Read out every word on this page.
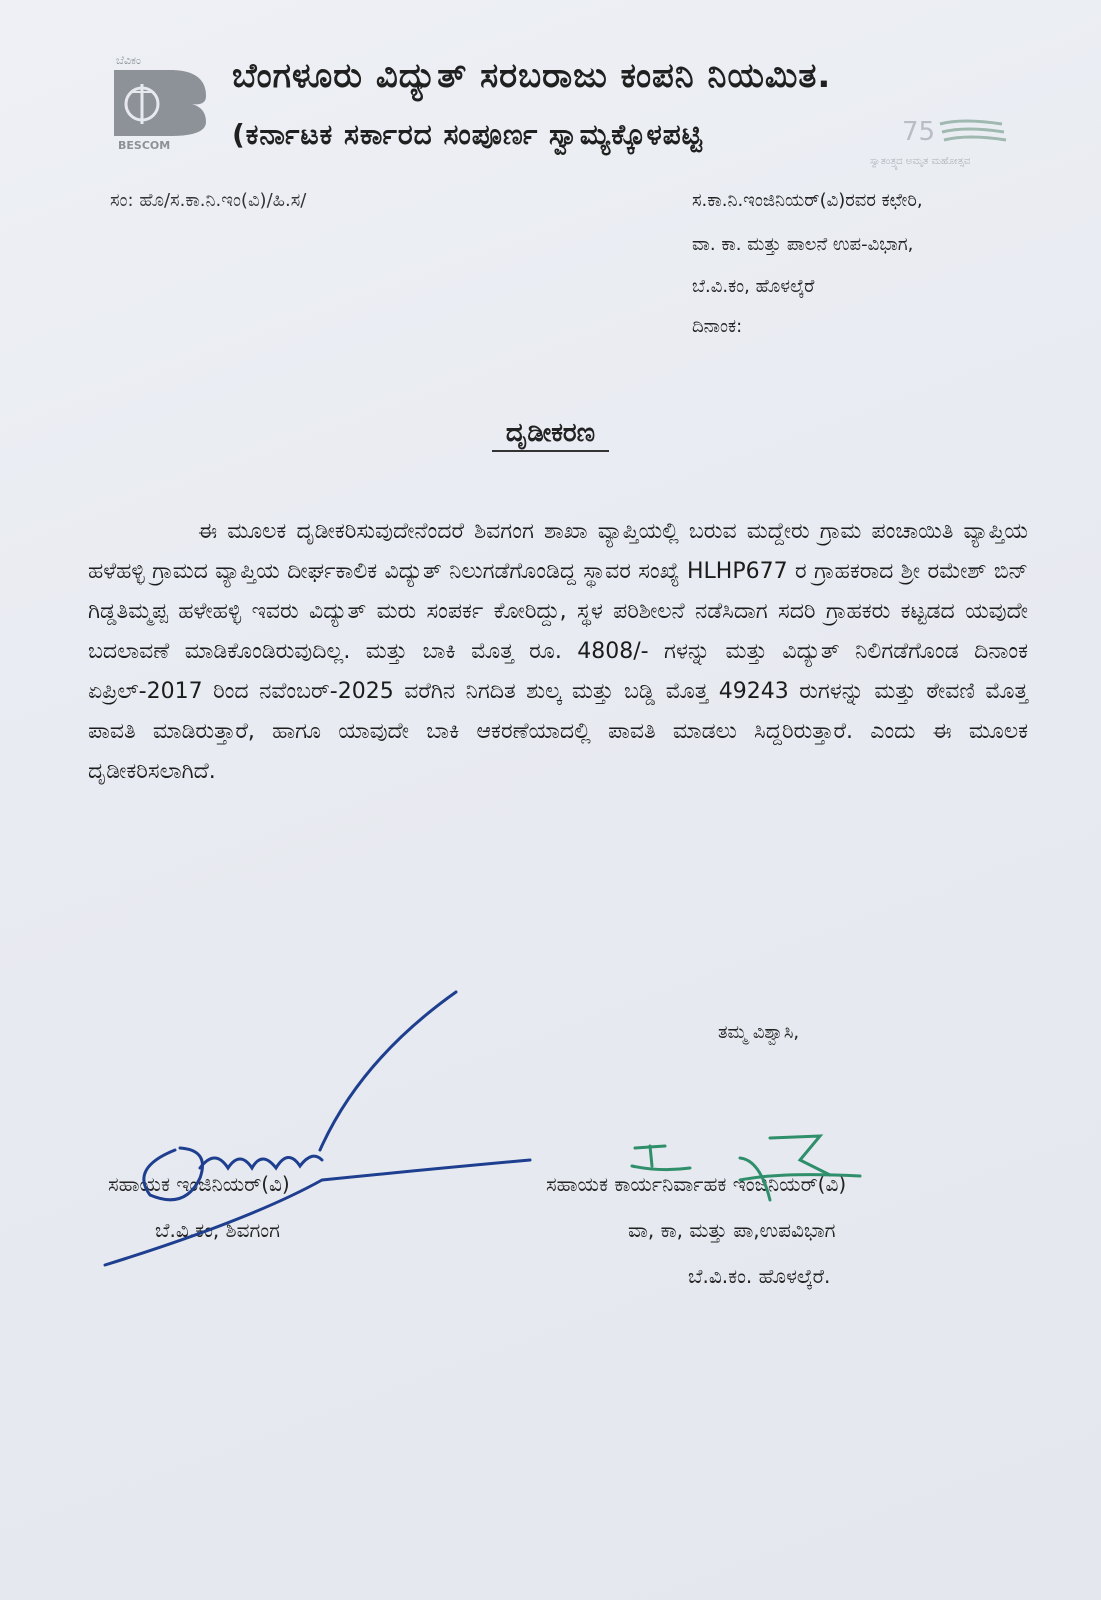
ಬೆವಿಕಂ
BESCOM
ಬೆಂಗಳೂರು ವಿದ್ಯುತ್ ಸರಬರಾಜು ಕಂಪನಿ ನಿಯಮಿತ.
(ಕರ್ನಾಟಕ ಸರ್ಕಾರದ ಸಂಪೂರ್ಣ ಸ್ವಾಮ್ಯಕ್ಕೊಳಪಟ್ಟಿ	75
ಸ್ವಾತಂತ್ರ್ಯದ ಅಮೃತ ಮಹೋತ್ಸವ
ಸಂ: ಹೊ/ಸ.ಕಾ.ನಿ.ಇಂ(ವಿ)/ಹಿ.ಸ/	ಸ.ಕಾ.ನಿ.ಇಂಜಿನಿಯರ್(ವಿ)ರವರ ಕಛೇರಿ,
ವಾ. ಕಾ. ಮತ್ತು ಪಾಲನೆ ಉಪ-ವಿಭಾಗ,
ಬೆ.ವಿ.ಕಂ, ಹೊಳಲ್ಕೆರೆ
ದಿನಾಂಕ:
ದೃಡೀಕರಣ
ಈ ಮೂಲಕ ದೃಡೀಕರಿಸುವುದೇನೆಂದರೆ ಶಿವಗಂಗ ಶಾಖಾ ವ್ಯಾಪ್ತಿಯಲ್ಲಿ ಬರುವ ಮದ್ದೇರು ಗ್ರಾಮ ಪಂಚಾಯಿತಿ ವ್ಯಾಪ್ತಿಯ ಹಳೆಹಳ್ಳಿ ಗ್ರಾಮದ ವ್ಯಾಪ್ತಿಯ ದೀರ್ಘಕಾಲಿಕ ವಿದ್ಯುತ್ ನಿಲುಗಡೆಗೊಂಡಿದ್ದ ಸ್ಥಾವರ ಸಂಖ್ಯೆ HLHP677 ರ ಗ್ರಾಹಕರಾದ ಶ್ರೀ ರಮೇಶ್ ಬಿನ್ ಗಿಡ್ಡತಿಮ್ಮಪ್ಪ ಹಳೇಹಳ್ಳಿ ಇವರು ವಿದ್ಯುತ್ ಮರು ಸಂಪರ್ಕ ಕೋರಿದ್ದು, ಸ್ಥಳ ಪರಿಶೀಲನೆ ನಡೆಸಿದಾಗ ಸದರಿ ಗ್ರಾಹಕರು ಕಟ್ಟಡದ ಯವುದೇ ಬದಲಾವಣೆ ಮಾಡಿಕೊಂಡಿರುವುದಿಲ್ಲ. ಮತ್ತು ಬಾಕಿ ಮೊತ್ತ ರೂ. 4808/- ಗಳನ್ನು ಮತ್ತು ವಿದ್ಯುತ್ ನಿಲಿಗಡೆಗೊಂಡ ದಿನಾಂಕ ಏಪ್ರಿಲ್-2017 ರಿಂದ ನವೆಂಬರ್-2025 ವರೆಗಿನ ನಿಗದಿತ ಶುಲ್ಕ ಮತ್ತು ಬಡ್ಡಿ ಮೊತ್ತ 49243 ರುಗಳನ್ನು ಮತ್ತು ಠೇವಣಿ ಮೊತ್ತ ಪಾವತಿ ಮಾಡಿರುತ್ತಾರೆ, ಹಾಗೂ ಯಾವುದೇ ಬಾಕಿ ಆಕರಣೆಯಾದಲ್ಲಿ ಪಾವತಿ ಮಾಡಲು ಸಿದ್ದರಿರುತ್ತಾರೆ. ಎಂದು ಈ ಮೂಲಕ ದೃಡೀಕರಿಸಲಾಗಿದೆ.
ತಮ್ಮ ವಿಶ್ವಾಸಿ,
ಸಹಾಯಕ ಇಂಜಿನಿಯರ್(ವಿ)
ಬೆ.ವಿ.ಕಂ, ಶಿವಗಂಗ
ಸಹಾಯಕ ಕಾರ್ಯನಿರ್ವಾಹಕ ಇಂಜಿನಿಯರ್(ವಿ)
ವಾ, ಕಾ, ಮತ್ತು ಪಾ,ಉಪವಿಭಾಗ
ಬೆ.ವಿ.ಕಂ. ಹೊಳಲ್ಕೆರೆ.
